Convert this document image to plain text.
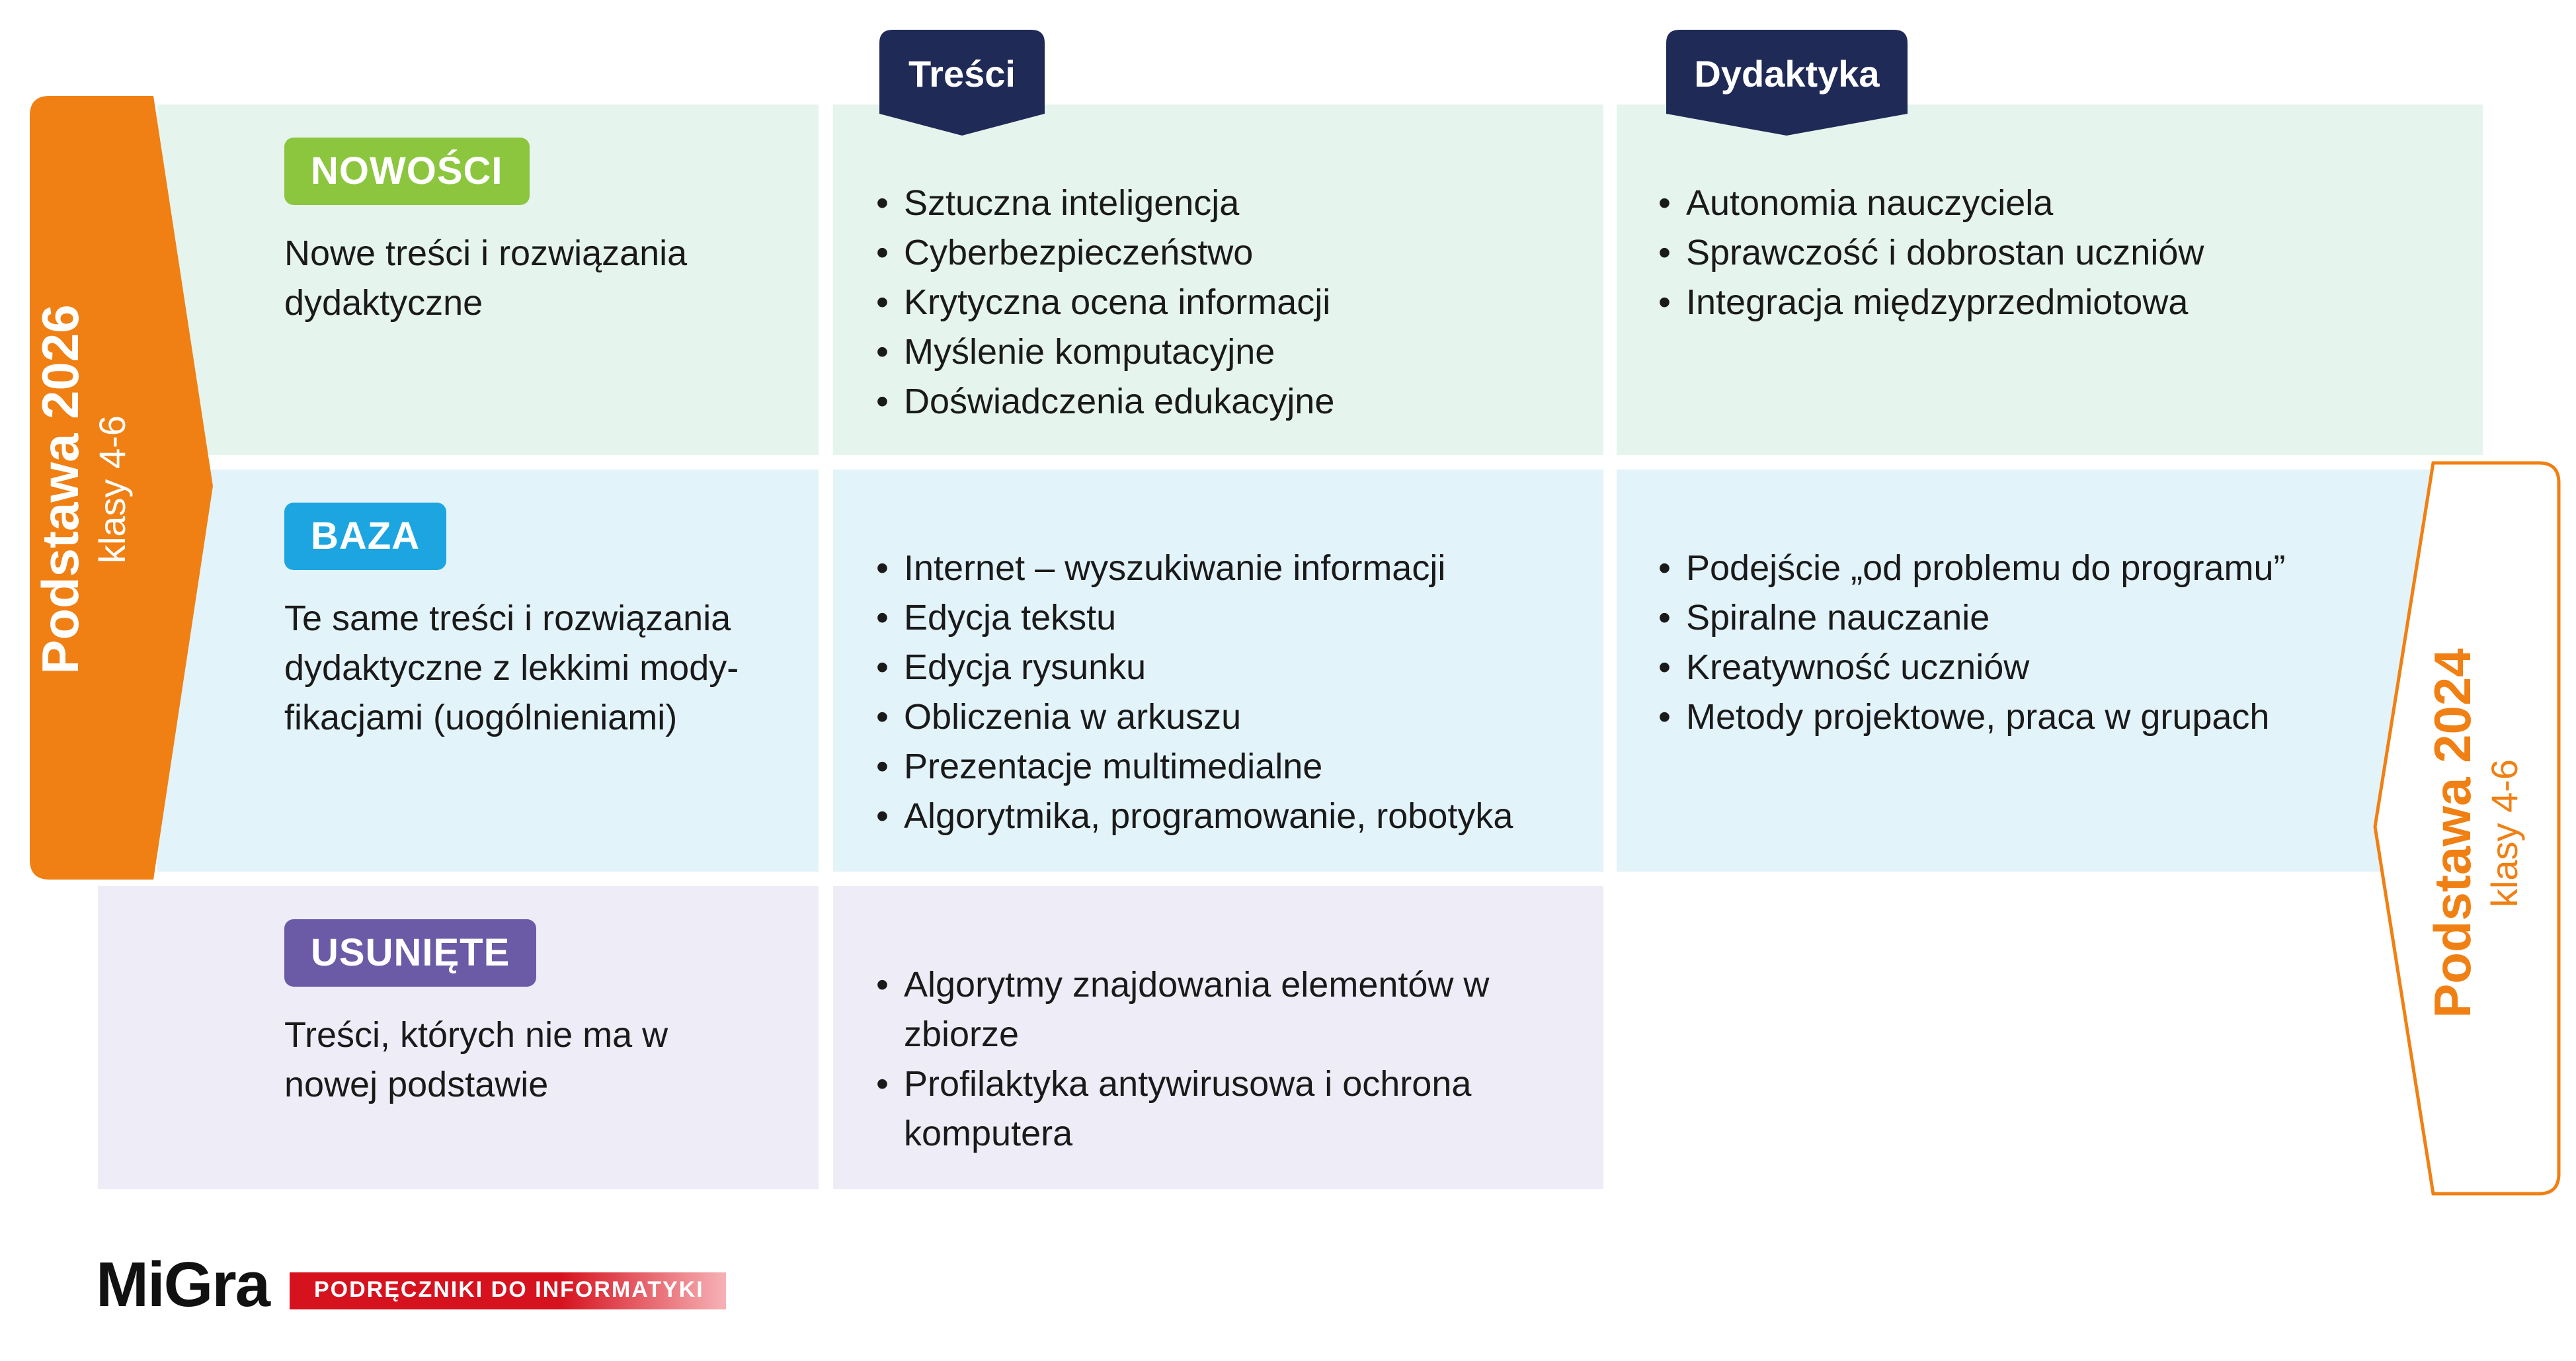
Treści	Dydaktyka
Podstawa 2026 klasy 4-6
Podstawa 2024 klasy 4-6
NOWOŚCI
Nowe treści i rozwiązania dydaktyczne
• Sztuczna inteligencja
• Cyberbezpieczeństwo
• Krytyczna ocena informacji
• Myślenie komputacyjne
• Doświadczenia edukacyjne
• Autonomia nauczyciela
• Sprawczość i dobrostan uczniów
• Integracja międzyprzedmiotowa
BAZA
Te same treści i rozwiązania dydaktyczne z lekkimi mody-fikacjami (uogólnieniami)
• Internet – wyszukiwanie informacji
• Edycja tekstu
• Edycja rysunku
• Obliczenia w arkuszu
• Prezentacje multimedialne
• Algorytmika, programowanie, robotyka
• Podejście „od problemu do programu”
• Spiralne nauczanie
• Kreatywność uczniów
• Metody projektowe, praca w grupach
USUNIĘTE
Treści, których nie ma w nowej podstawie
• Algorytmy znajdowania elementów w zbiorze
• Profilaktyka antywirusowa i ochrona komputera
MiGra PODRĘCZNIKI DO INFORMATYKI
